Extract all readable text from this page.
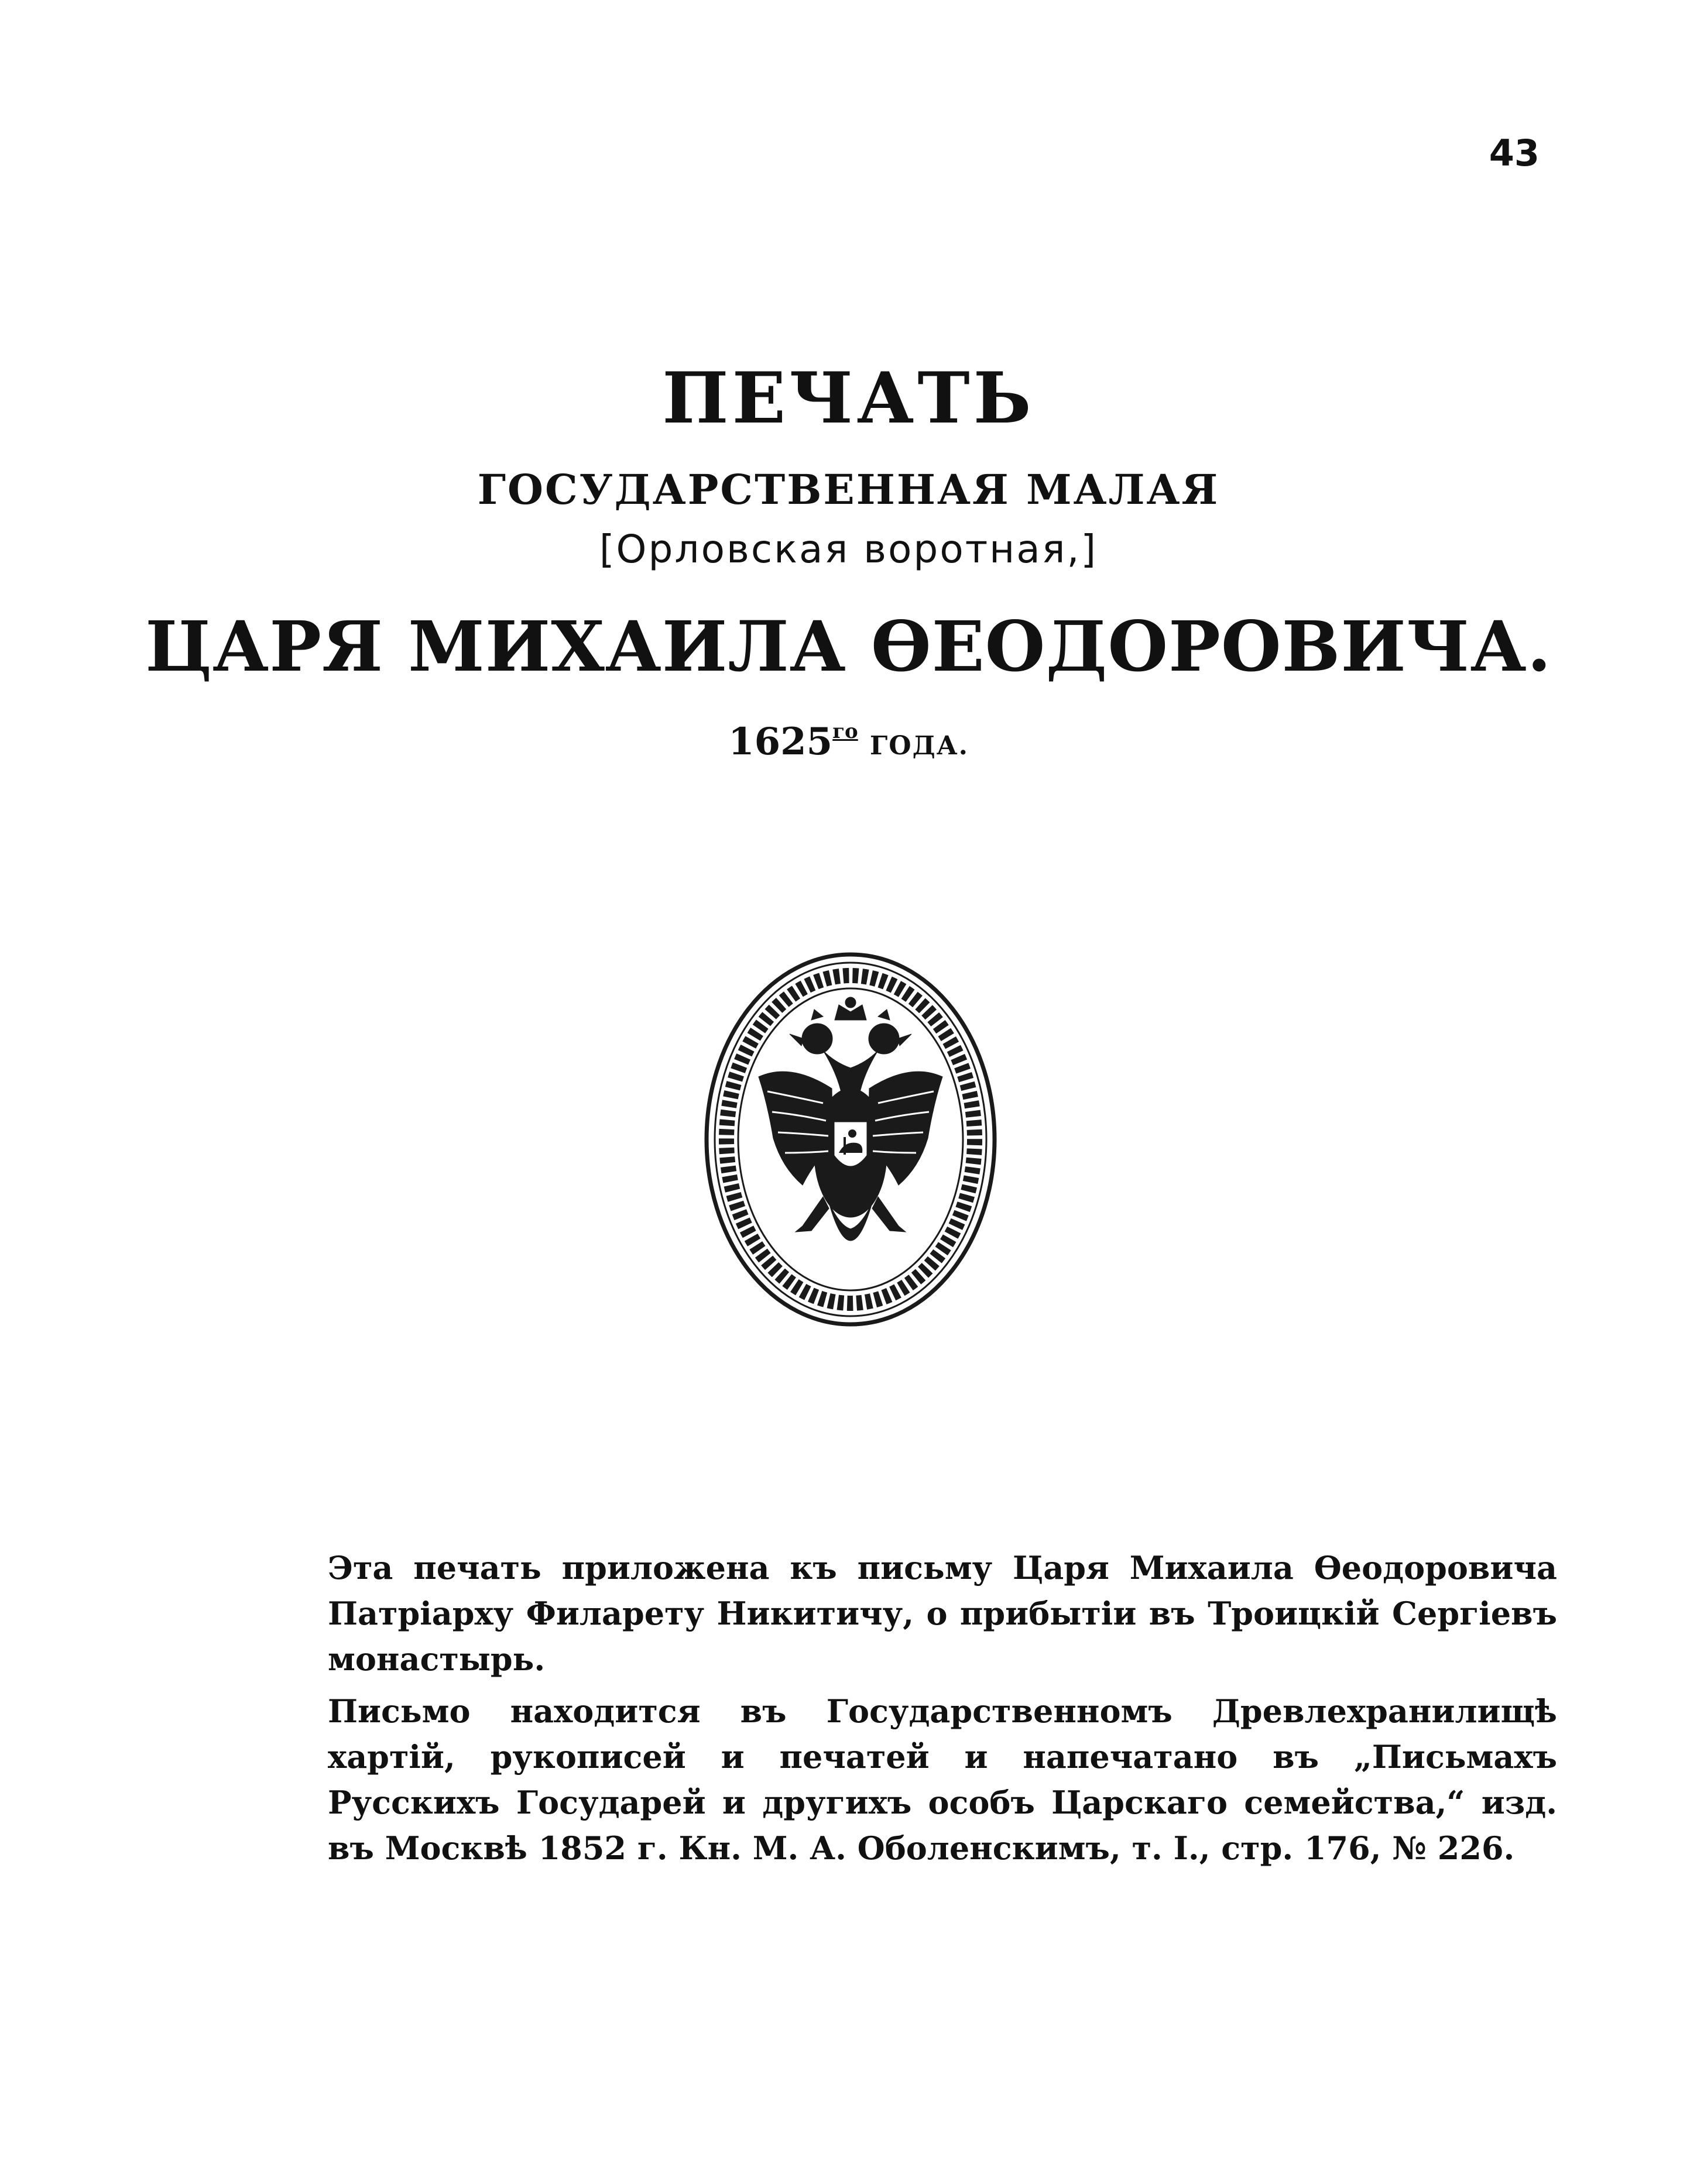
43
ПЕЧАТЬ
ГОСУДАРСТВЕННАЯ МАЛАЯ
[Орловская воротная,]
ЦАРЯ МИХАИЛА ѲЕОДОРОВИЧА.
$1625^{го}$ ГОДА.
Эта печать приложена къ письму Царя Михаила Ѳеодоровича Патріарху Филарету Никитичу, о прибытіи въ Троицкій Сергіевъ монастырь.
Письмо находится въ Государственномъ Древлехранилищѣ хартій, рукописей и печатей и напечатано въ „Письмахъ Русскихъ Государей и другихъ особъ Царскаго семейства,“ изд. въ Москвѣ 1852 г. Кн. М. А. Оболенскимъ, т. I., стр. 176, № 226.
